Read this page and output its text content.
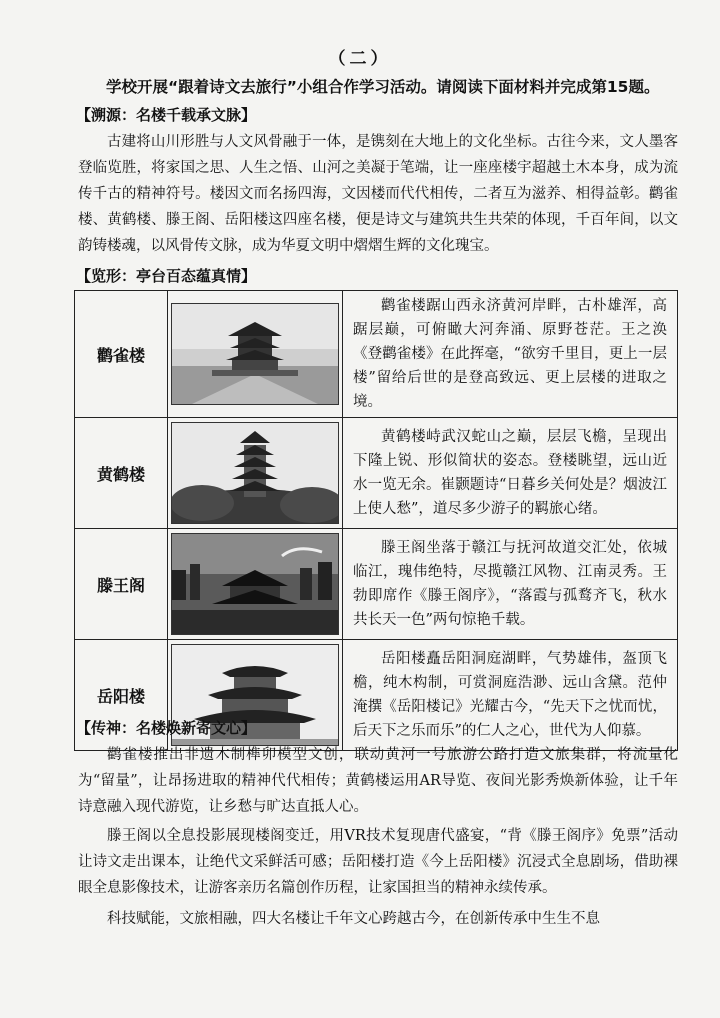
（二）
学校开展“跟着诗文去旅行”小组合作学习活动。请阅读下面材料并完成第15题。
【溯源：名楼千载承文脉】
古建将山川形胜与人文风骨融于一体，是镌刻在大地上的文化坐标。古往今来，文人墨客登临览胜，将家国之思、人生之悟、山河之美凝于笔端，让一座座楼宇超越土木本身，成为流传千古的精神符号。楼因文而名扬四海，文因楼而代代相传，二者互为滋养、相得益彰。鹳雀楼、黄鹤楼、滕王阁、岳阳楼这四座名楼，便是诗文与建筑共生共荣的体现，千百年间，以文韵铸楼魂，以风骨传文脉，成为华夏文明中熠熠生辉的文化瑰宝。
【览形：亭台百态蕴真情】
鹳雀楼		鹳雀楼踞山西永济黄河岸畔，古朴雄浑，高踞层巅，可俯瞰大河奔涌、原野苍茫。王之涣《登鹳雀楼》在此挥毫，“欲穷千里目，更上一层楼”留给后世的是登高致远、更上层楼的进取之境。
黄鹤楼		黄鹤楼峙武汉蛇山之巅，层层飞檐，呈现出下隆上锐、形似简状的姿态。登楼眺望，远山近水一览无余。崔颢题诗“日暮乡关何处是？烟波江上使人愁”，道尽多少游子的羁旅心绪。
滕王阁		滕王阁坐落于赣江与抚河故道交汇处，依城临江，瑰伟绝特，尽揽赣江风物、江南灵秀。王勃即席作《滕王阁序》，“落霞与孤鹜齐飞，秋水共长天一色”两句惊艳千载。
岳阳楼		岳阳楼矗岳阳洞庭湖畔，气势雄伟，盔顶飞檐，纯木构制，可赏洞庭浩渺、远山含黛。范仲淹撰《岳阳楼记》光耀古今，“先天下之忧而忧，后天下之乐而乐”的仁人之心，世代为人仰慕。
【传神：名楼焕新寄文心】
鹳雀楼推出非遗木制榫卯模型文创，联动黄河一号旅游公路打造文旅集群，将流量化为“留量”，让昂扬进取的精神代代相传；黄鹤楼运用AR导览、夜间光影秀焕新体验，让千年诗意融入现代游览，让乡愁与旷达直抵人心。
滕王阁以全息投影展现楼阁变迁，用VR技术复现唐代盛宴，“背《滕王阁序》免票”活动让诗文走出课本，让绝代文采鲜活可感；岳阳楼打造《今上岳阳楼》沉浸式全息剧场，借助裸眼全息影像技术，让游客亲历名篇创作历程，让家国担当的精神永续传承。
科技赋能，文旅相融，四大名楼让千年文心跨越古今，在创新传承中生生不息
